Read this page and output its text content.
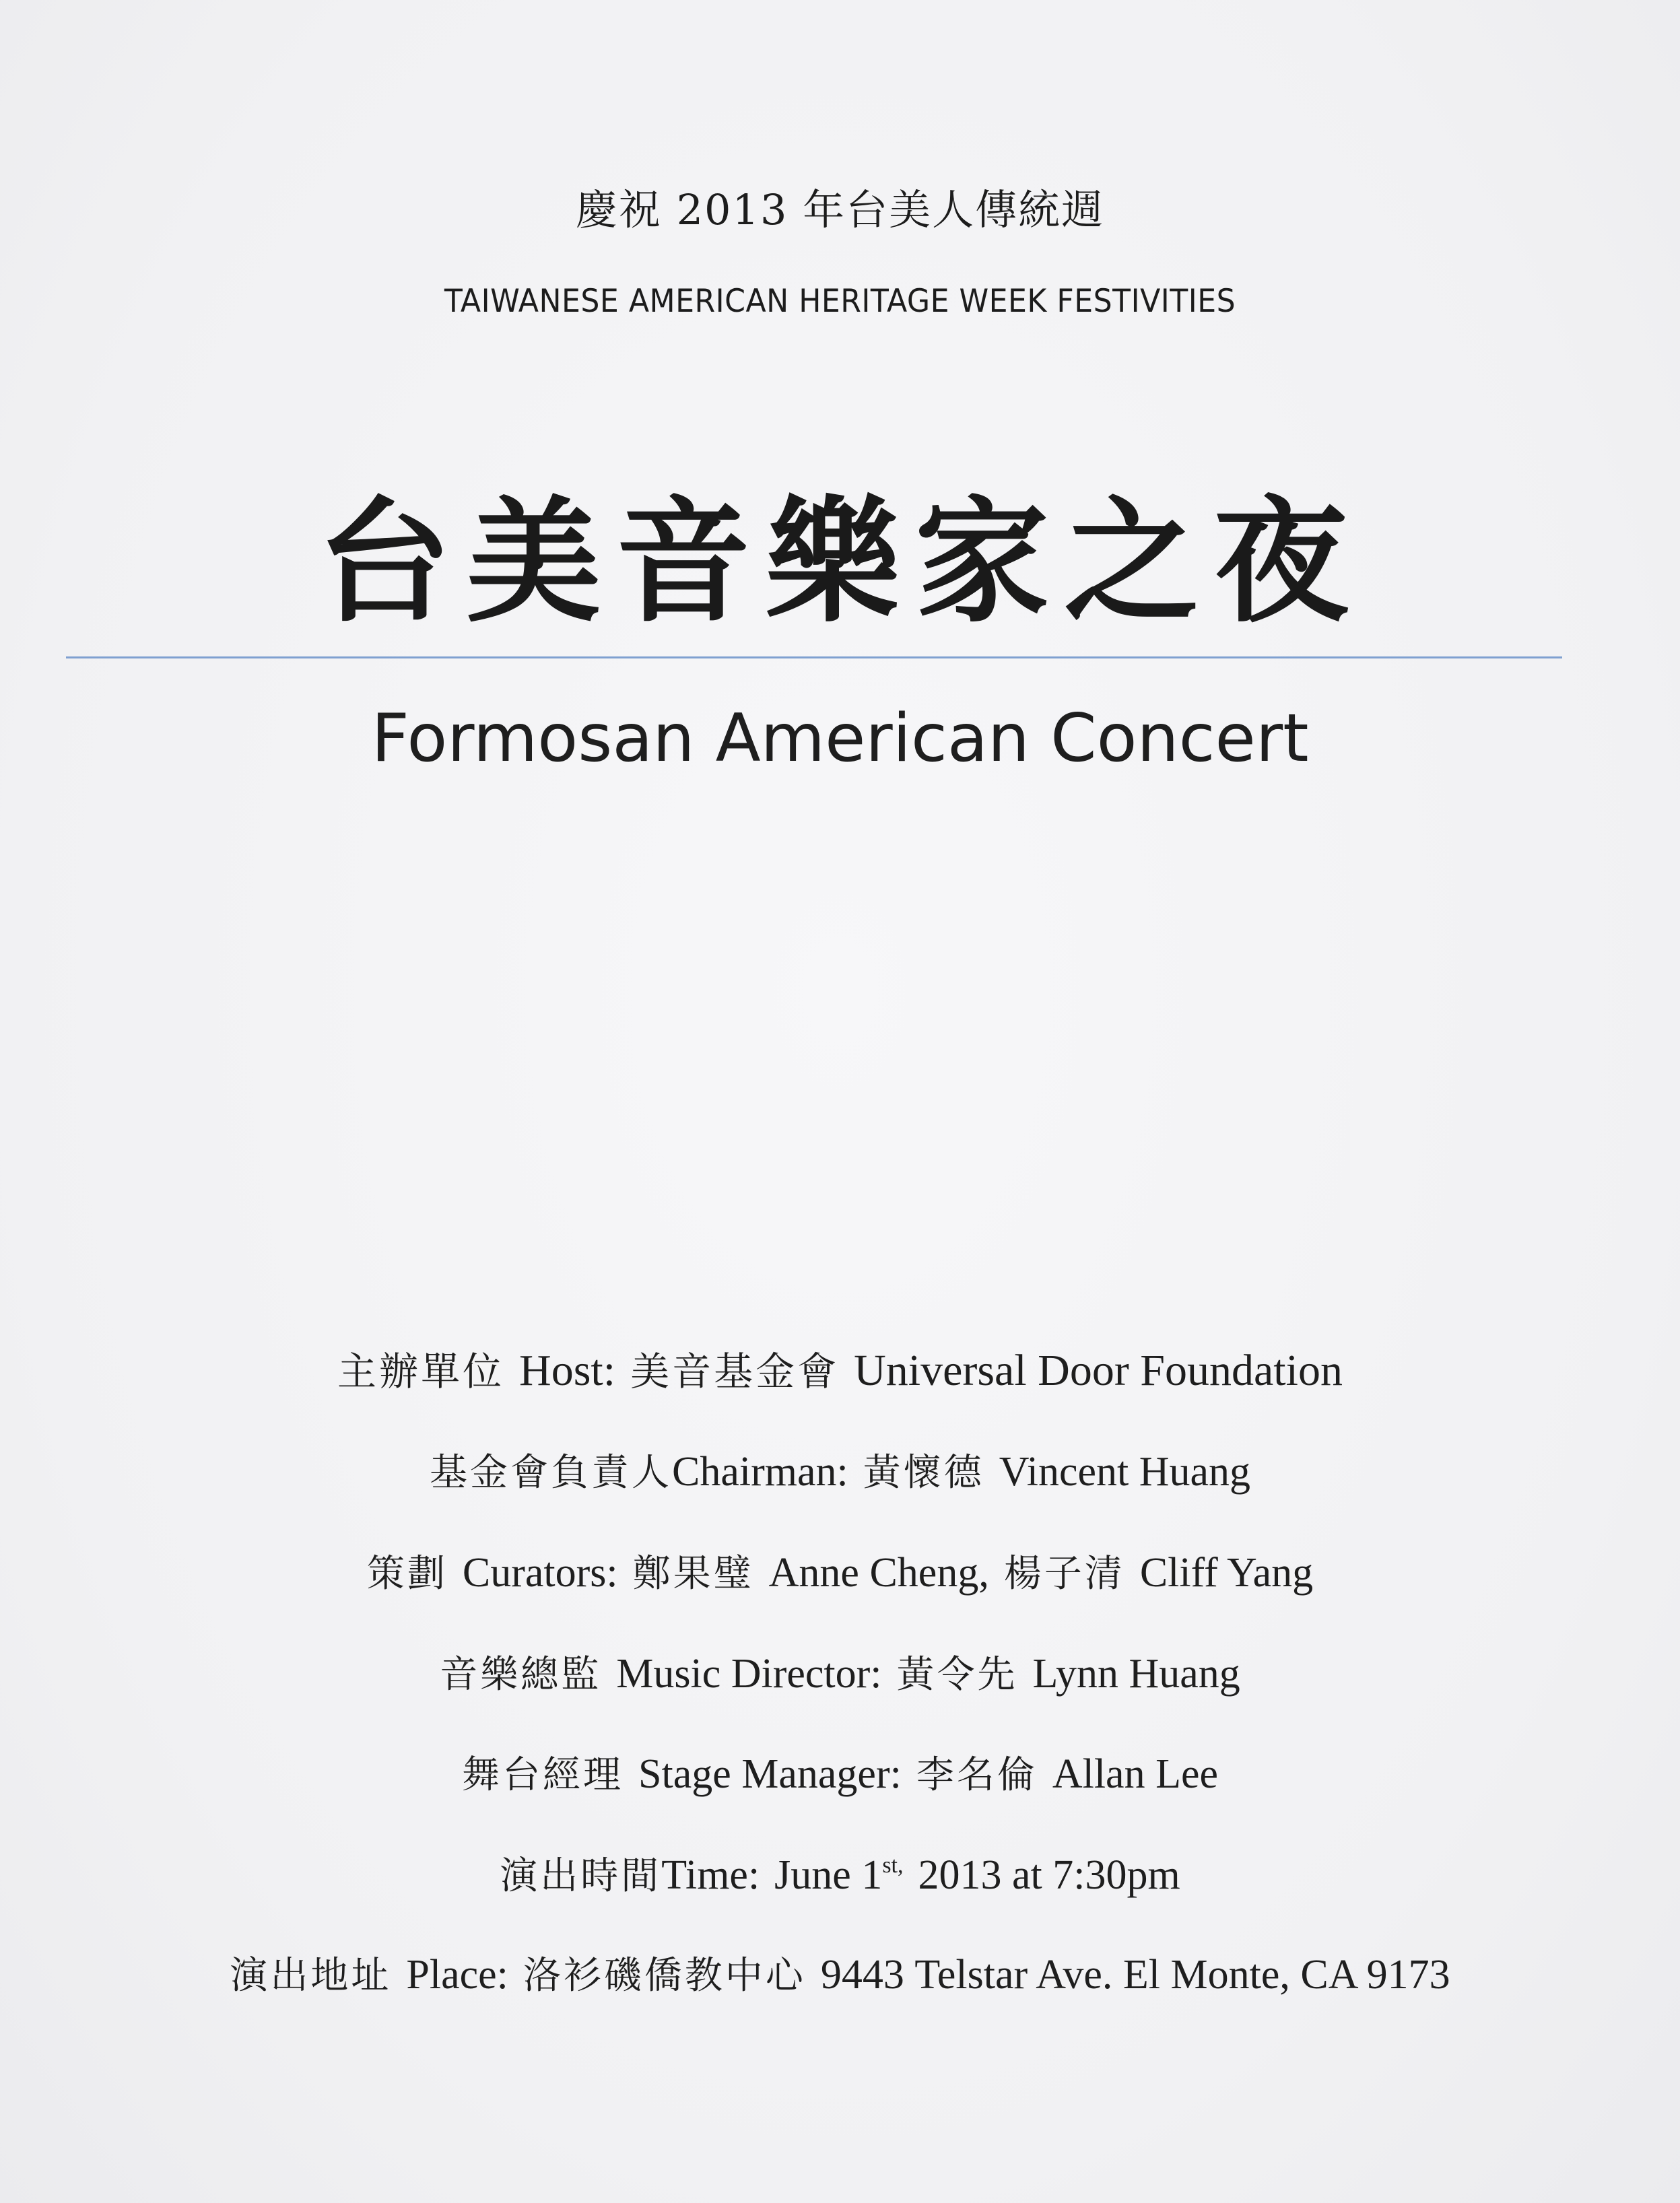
慶祝 2013 年台美人傳統週
TAIWANESE AMERICAN HERITAGE WEEK FESTIVITIES
台美音樂家之夜
Formosan American Concert
主辦單位 Host: 美音基金會 Universal Door Foundation
基金會負責人Chairman: 黃懷德 Vincent Huang
策劃 Curators: 鄭果璧 Anne Cheng, 楊子清 Cliff Yang
音樂總監 Music Director: 黃令先 Lynn Huang
舞台經理 Stage Manager: 李名倫 Allan Lee
演出時間Time: June $1^{st,}$ 2013 at 7:30pm
演出地址 Place: 洛衫磯僑教中心 9443 Telstar Ave. El Monte, CA 9173
